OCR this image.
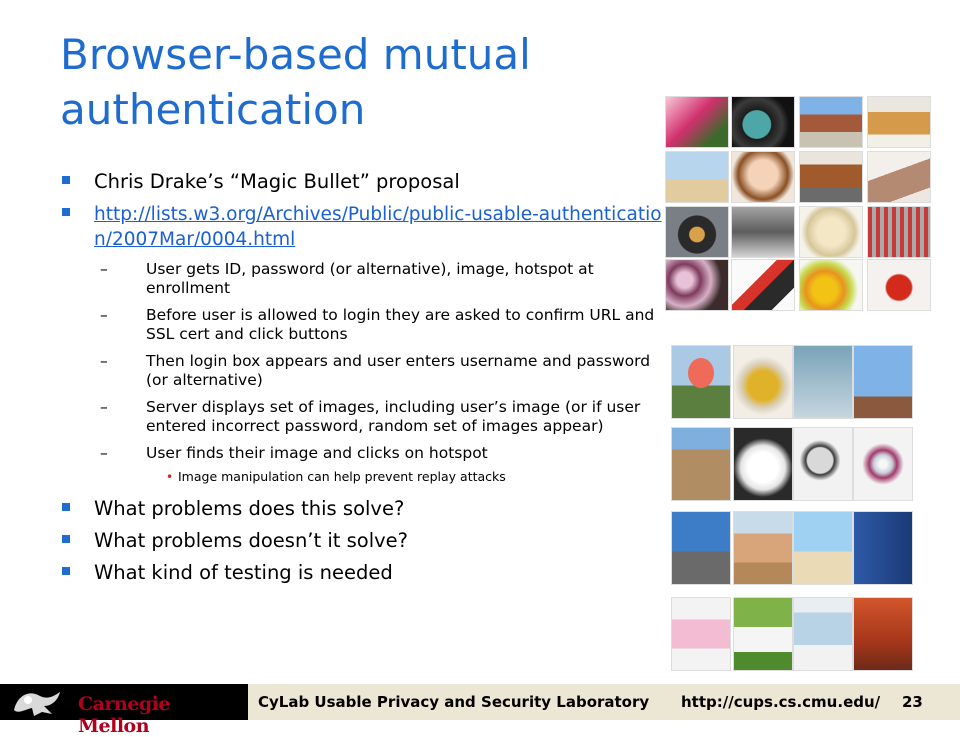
Browser-based mutual authentication
Chris Drake’s “Magic Bullet” proposal
http://lists.w3.org/Archives/Public/public-usable-authentication/2007Mar/0004.html
– User gets ID, password (or alternative), image, hotspot at enrollment
– Before user is allowed to login they are asked to confirm URL and SSL cert and click buttons
– Then login box appears and user enters username and password (or alternative)
– Server displays set of images, including user’s image (or if user entered incorrect password, random set of images appear)
– User finds their image and clicks on hotspot
• Image manipulation can help prevent replay attacks
What problems does this solve?
What problems doesn’t it solve?
What kind of testing is needed
Carnegie Mellon
CyLab Usable Privacy and Security Laboratory http://cups.cs.cmu.edu/ 23
